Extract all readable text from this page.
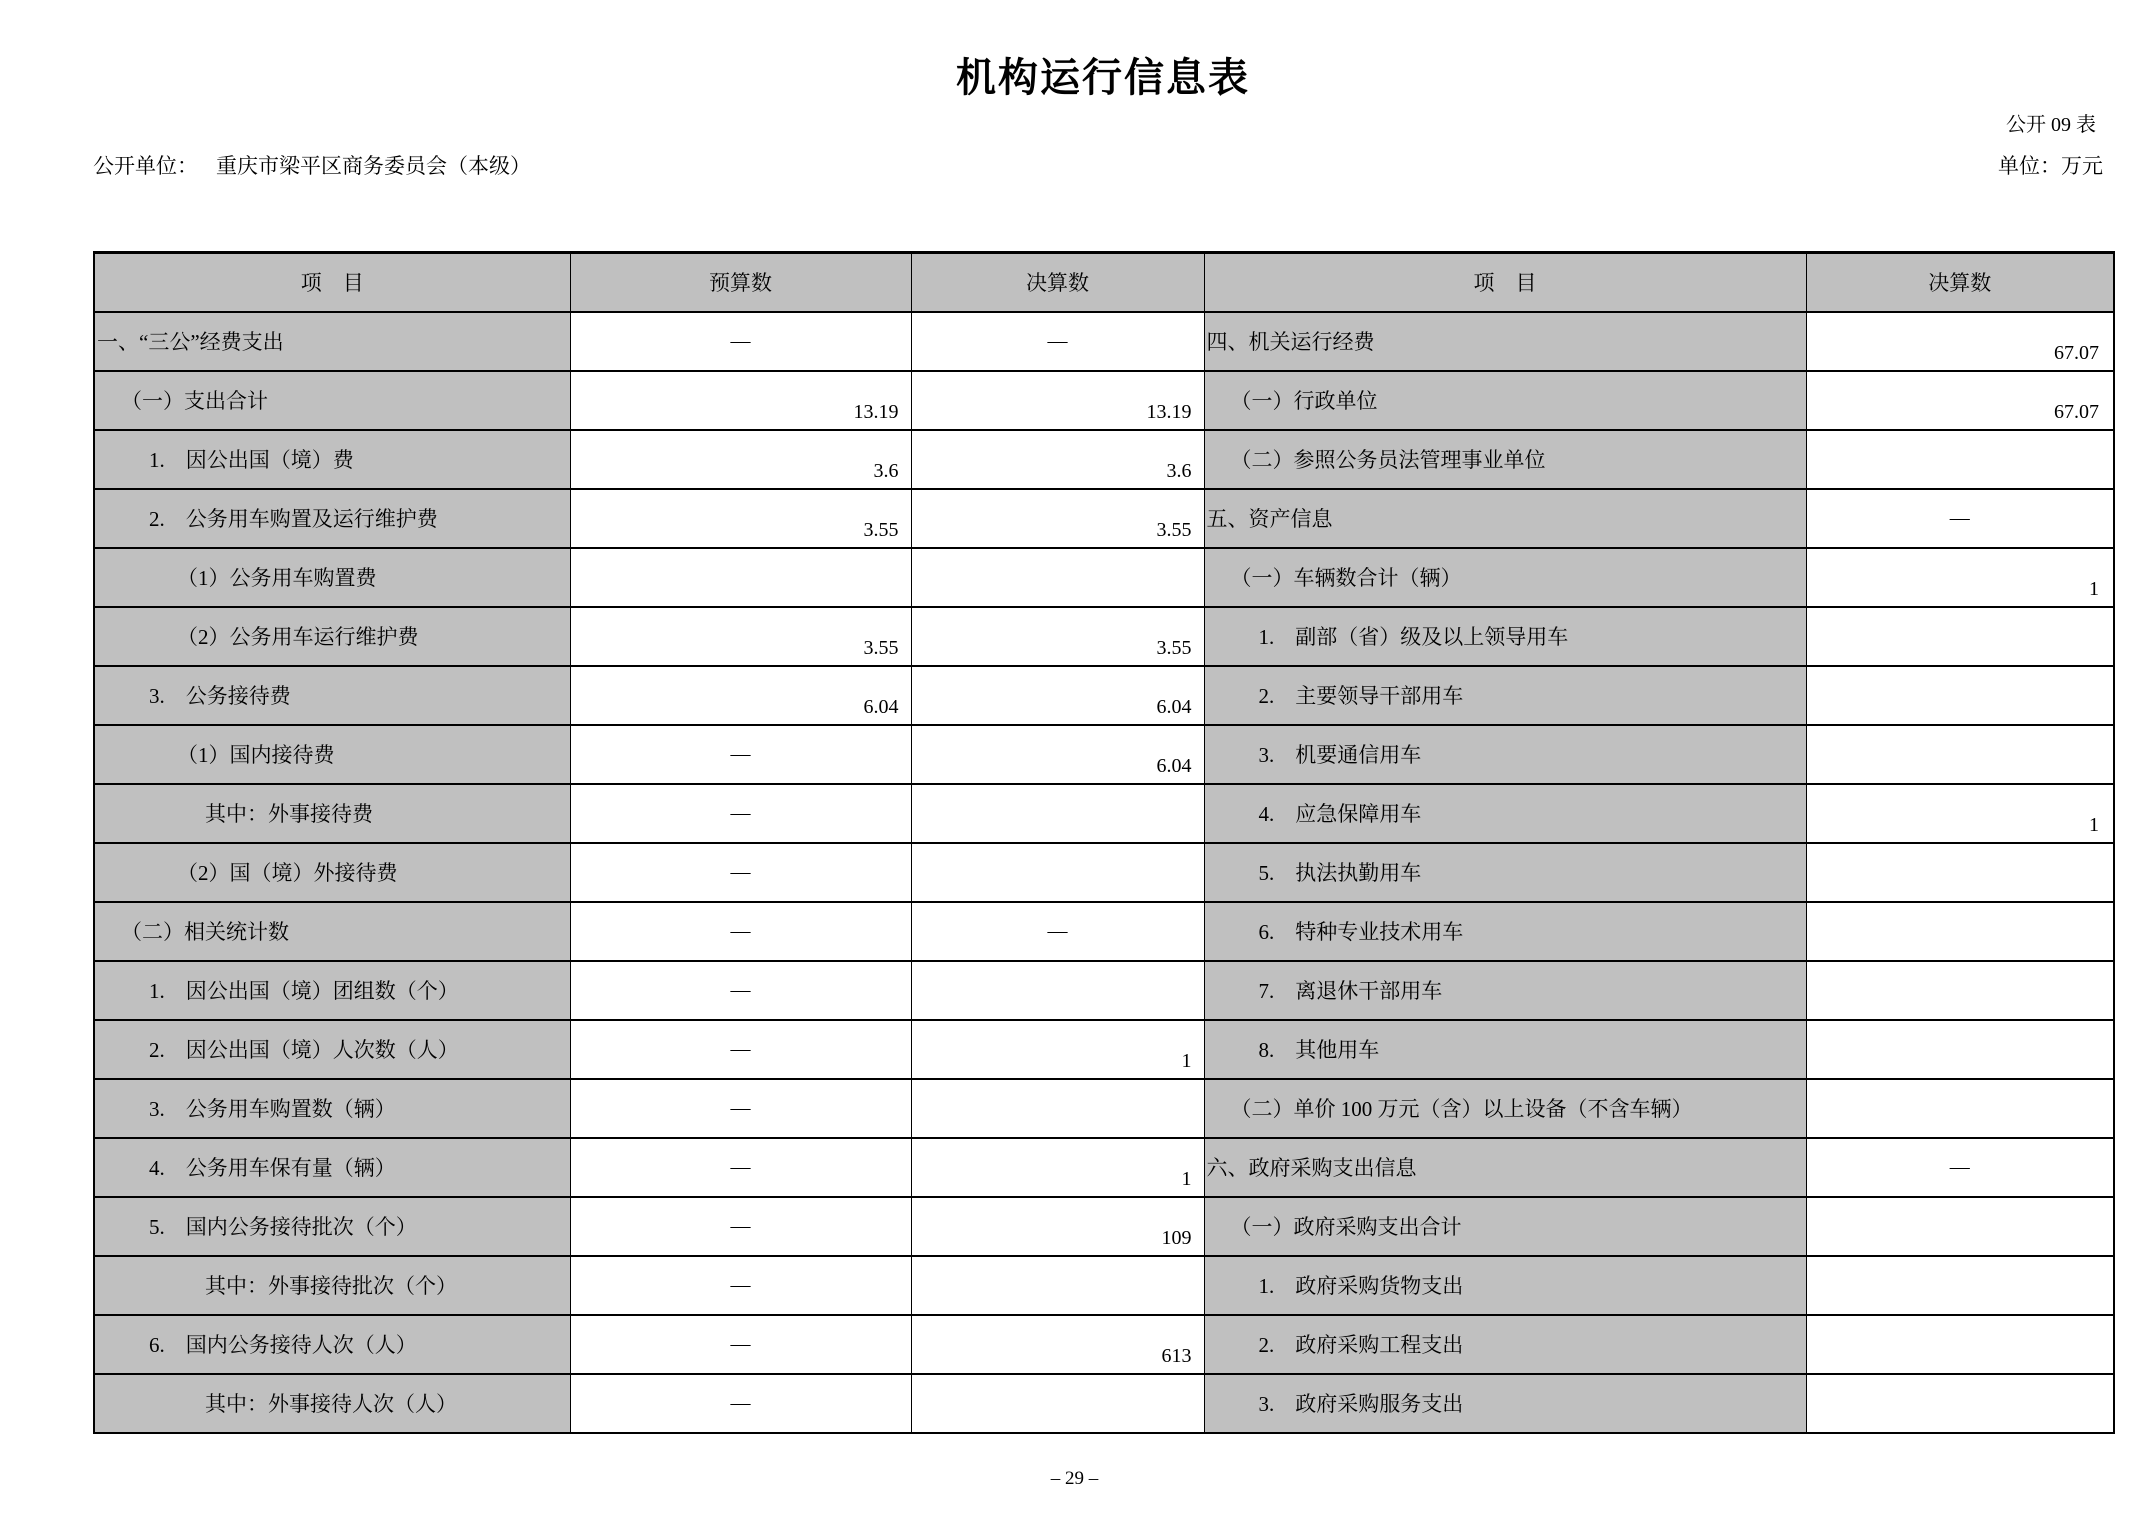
机构运行信息表
公开 09 表
公开单位： 重庆市梁平区商务委员会（本级）	单位：万元
项　目	预算数	决算数	项　目	决算数
一、“三公”经费支出	—	—	四、机关运行经费	67.07
（一）支出合计	13.19	13.19	（一）行政单位	67.07
1.　因公出国（境）费	3.6	3.6	（二）参照公务员法管理事业单位	
2.　公务用车购置及运行维护费	3.55	3.55	五、资产信息	—
（1）公务用车购置费			（一）车辆数合计（辆）	1
（2）公务用车运行维护费	3.55	3.55	1.　副部（省）级及以上领导用车	
3.　公务接待费	6.04	6.04	2.　主要领导干部用车	
（1）国内接待费	—	6.04	3.　机要通信用车	
其中：外事接待费	—		4.　应急保障用车	1
（2）国（境）外接待费	—		5.　执法执勤用车	
（二）相关统计数	—	—	6.　特种专业技术用车	
1.　因公出国（境）团组数（个）	—		7.　离退休干部用车	
2.　因公出国（境）人次数（人）	—	1	8.　其他用车	
3.　公务用车购置数（辆）	—		（二）单价 100 万元（含）以上设备（不含车辆）	
4.　公务用车保有量（辆）	—	1	六、政府采购支出信息	—
5.　国内公务接待批次（个）	—	109	（一）政府采购支出合计	
其中：外事接待批次（个）	—		1.　政府采购货物支出	
6.　国内公务接待人次（人）	—	613	2.　政府采购工程支出	
其中：外事接待人次（人）	—		3.　政府采购服务支出	
– 29 –
